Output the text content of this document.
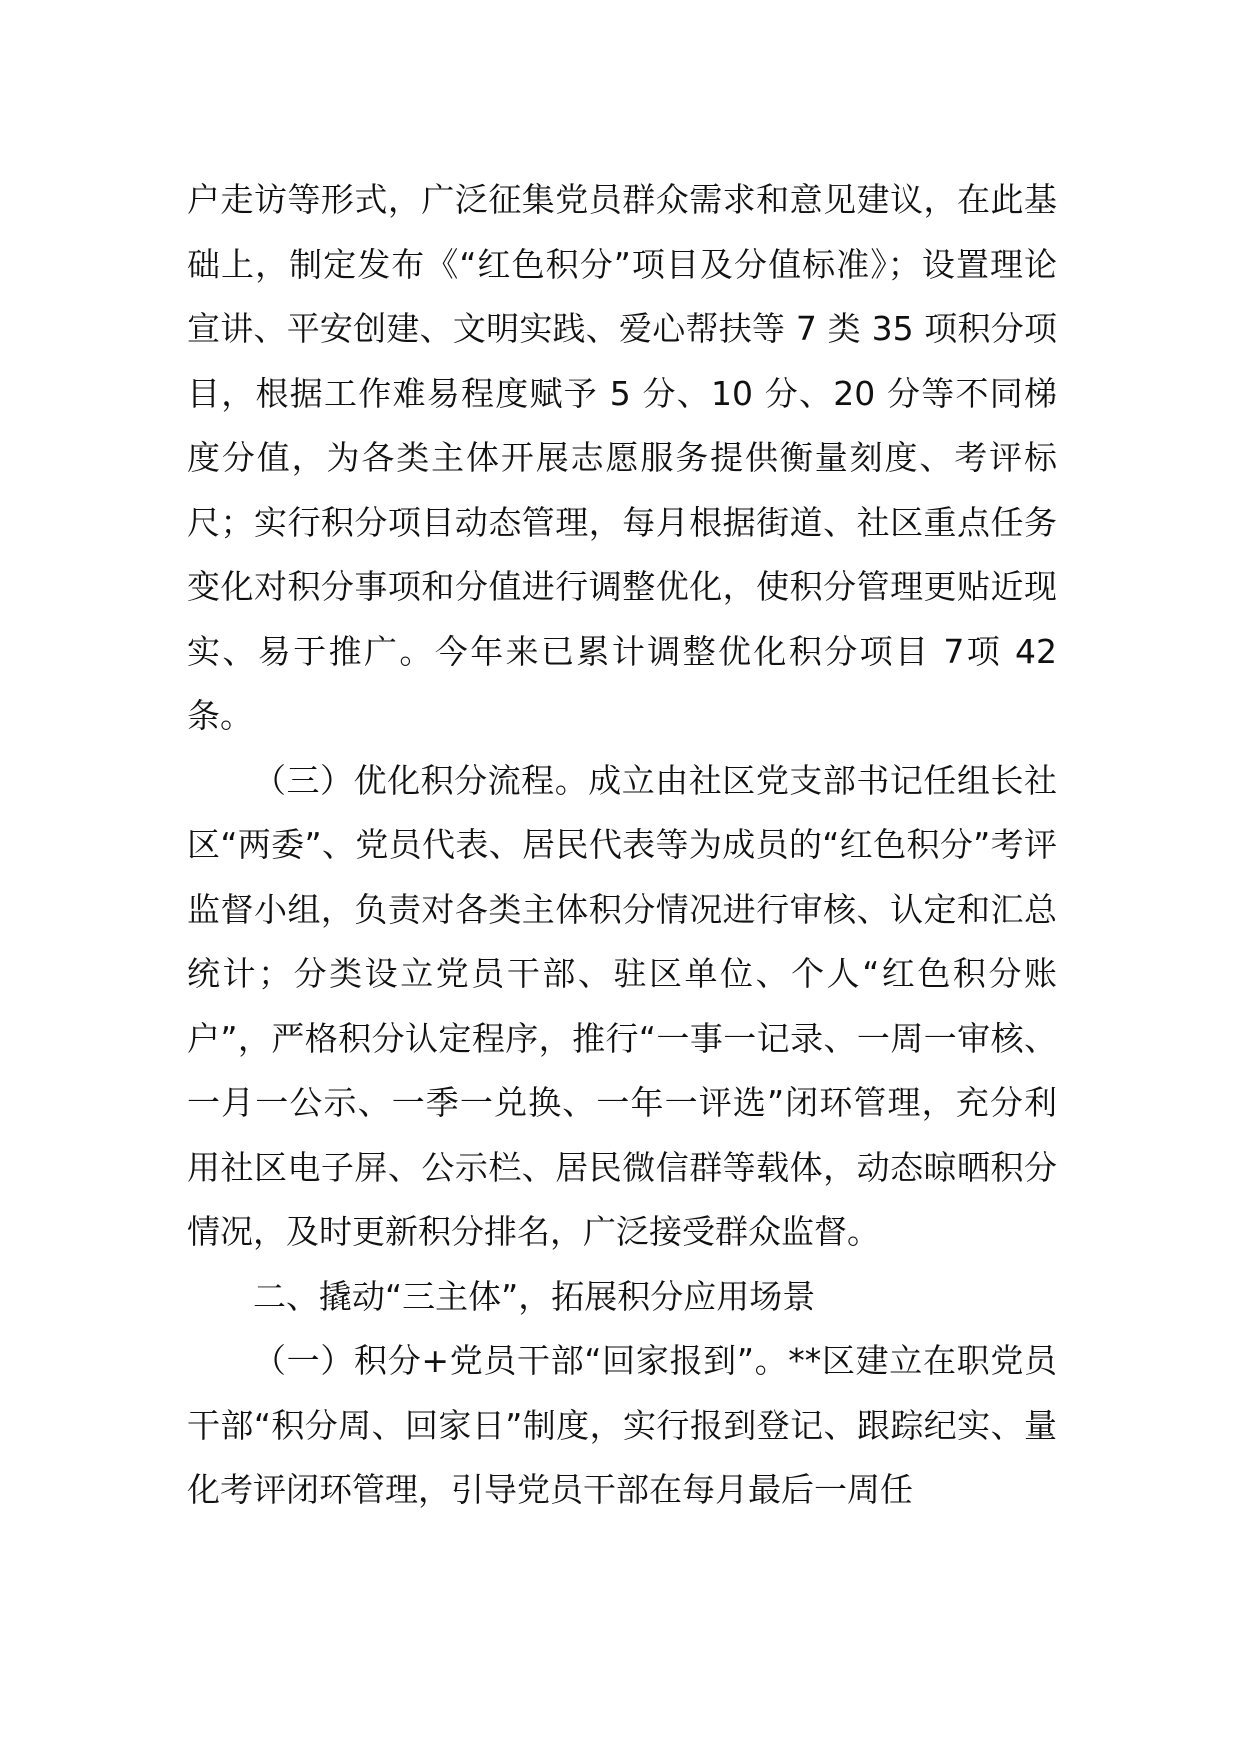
户走访等形式，广泛征集党员群众需求和意见建议，在此基础上，制定发布《“红色积分”项目及分值标准》；设置理论宣讲、平安创建、文明实践、爱心帮扶等 7 类 35 项积分项目，根据工作难易程度赋予 5 分、10 分、20 分等不同梯度分值，为各类主体开展志愿服务提供衡量刻度、考评标尺；实行积分项目动态管理，每月根据街道、社区重点任务变化对积分事项和分值进行调整优化，使积分管理更贴近现实、易于推广。今年来已累计调整优化积分项目 7项 42 条。

（三）优化积分流程。成立由社区党支部书记任组长社区“两委”、党员代表、居民代表等为成员的“红色积分”考评监督小组，负责对各类主体积分情况进行审核、认定和汇总统计；分类设立党员干部、驻区单位、个人“红色积分账户”，严格积分认定程序，推行“一事一记录、一周一审核、一月一公示、一季一兑换、一年一评选”闭环管理，充分利用社区电子屏、公示栏、居民微信群等载体，动态晾晒积分情况，及时更新积分排名，广泛接受群众监督。

二、撬动“三主体”，拓展积分应用场景

（一）积分+党员干部“回家报到”。**区建立在职党员干部“积分周、回家日”制度，实行报到登记、跟踪纪实、量化考评闭环管理，引导党员干部在每月最后一周任
